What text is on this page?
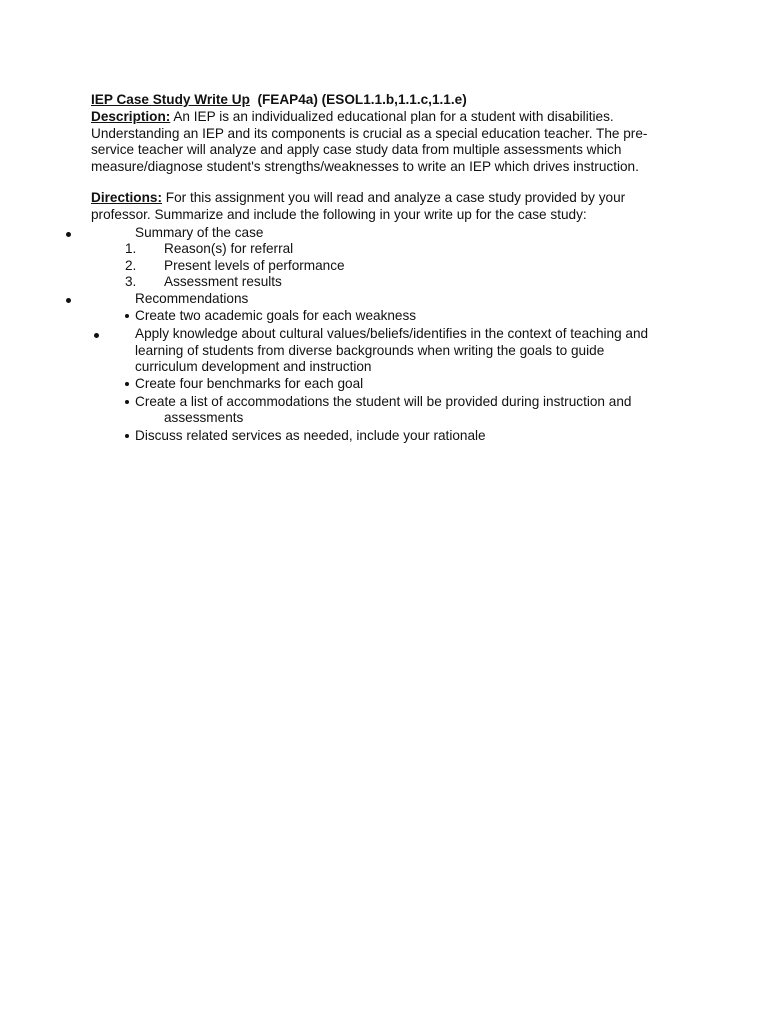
IEP Case Study Write Up (FEAP4a) (ESOL1.1.b,1.1.c,1.1.e)

Description: An IEP is an individualized educational plan for a student with disabilities. Understanding an IEP and its components is crucial as a special education teacher. The pre-service teacher will analyze and apply case study data from multiple assessments which measure/diagnose student's strengths/weaknesses to write an IEP which drives instruction.

Directions: For this assignment you will read and analyze a case study provided by your professor. Summarize and include the following in your write up for the case study:

Summary of the case
1. Reason(s) for referral
2. Present levels of performance
3. Assessment results
Recommendations
Create two academic goals for each weakness
Apply knowledge about cultural values/beliefs/identifies in the context of teaching and learning of students from diverse backgrounds when writing the goals to guide curriculum development and instruction
Create four benchmarks for each goal
Create a list of accommodations the student will be provided during instruction and
assessments
Discuss related services as needed, include your rationale
